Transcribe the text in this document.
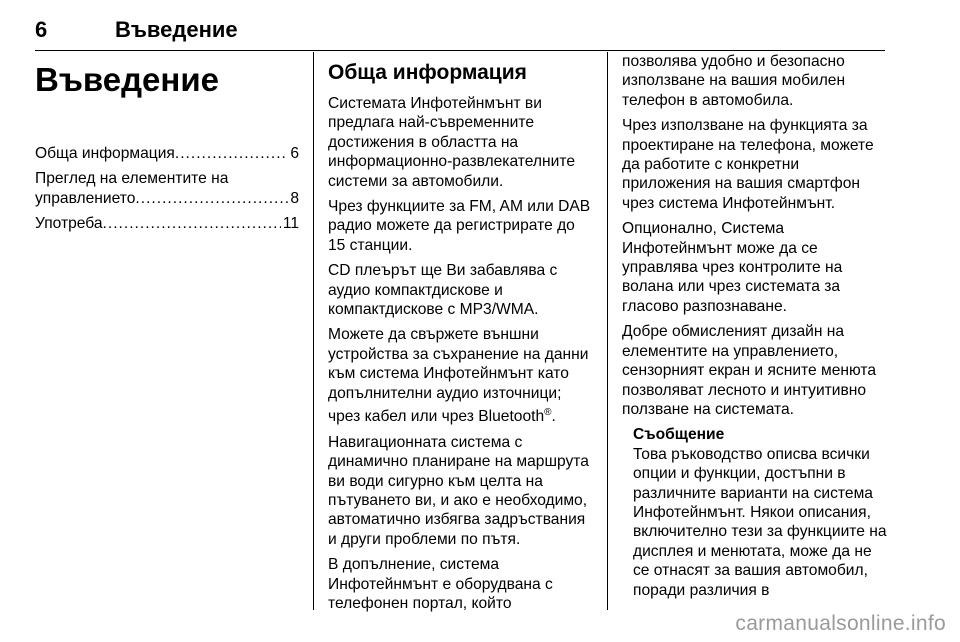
6	Въведение
Въведение
Обща информация .....	6
Преглед на елементите на
управлението .....	8
Употреба .....	11
Обща информация

Системата Инфотейнмънт ви предлага най-съвременните достижения в областта на информационно-развлекателните системи за автомобили.

Чрез функциите за FM, AM или DAB радио можете да регистрирате до 15 станции.

CD плеърът ще Ви забавлява с аудио компактдискове и компактдискове с MP3/WMA.

Можете да свържете външни устройства за съхранение на данни към система Инфотейнмънт като допълнителни аудио източници; чрез кабел или чрез Bluetooth®.

Навигационната система с динамично планиране на маршрута ви води сигурно към целта на пътуването ви, и ако е необходимо, автоматично избягва задръствания и други проблеми по пътя.

В допълнение, система Инфотейнмънт е оборудвана с телефонен портал, който

позволява удобно и безопасно използване на вашия мобилен телефон в автомобила.

Чрез използване на функцията за проектиране на телефона, можете да работите с конкретни приложения на вашия смартфон чрез система Инфотейнмънт.

Опционално, Система Инфотейнмънт може да се управлява чрез контролите на волана или чрез системата за гласово разпознаване.

Добре обмисленият дизайн на елементите на управлението, сензорният екран и ясните менюта позволяват лесното и интуитивно ползване на системата.

Съобщение
Това ръководство описва всички опции и функции, достъпни в различните варианти на система Инфотейнмънт. Някои описания, включително тези за функциите на дисплея и менютата, може да не се отнасят за вашия автомобил, поради различия в
carmanualsonline.info
